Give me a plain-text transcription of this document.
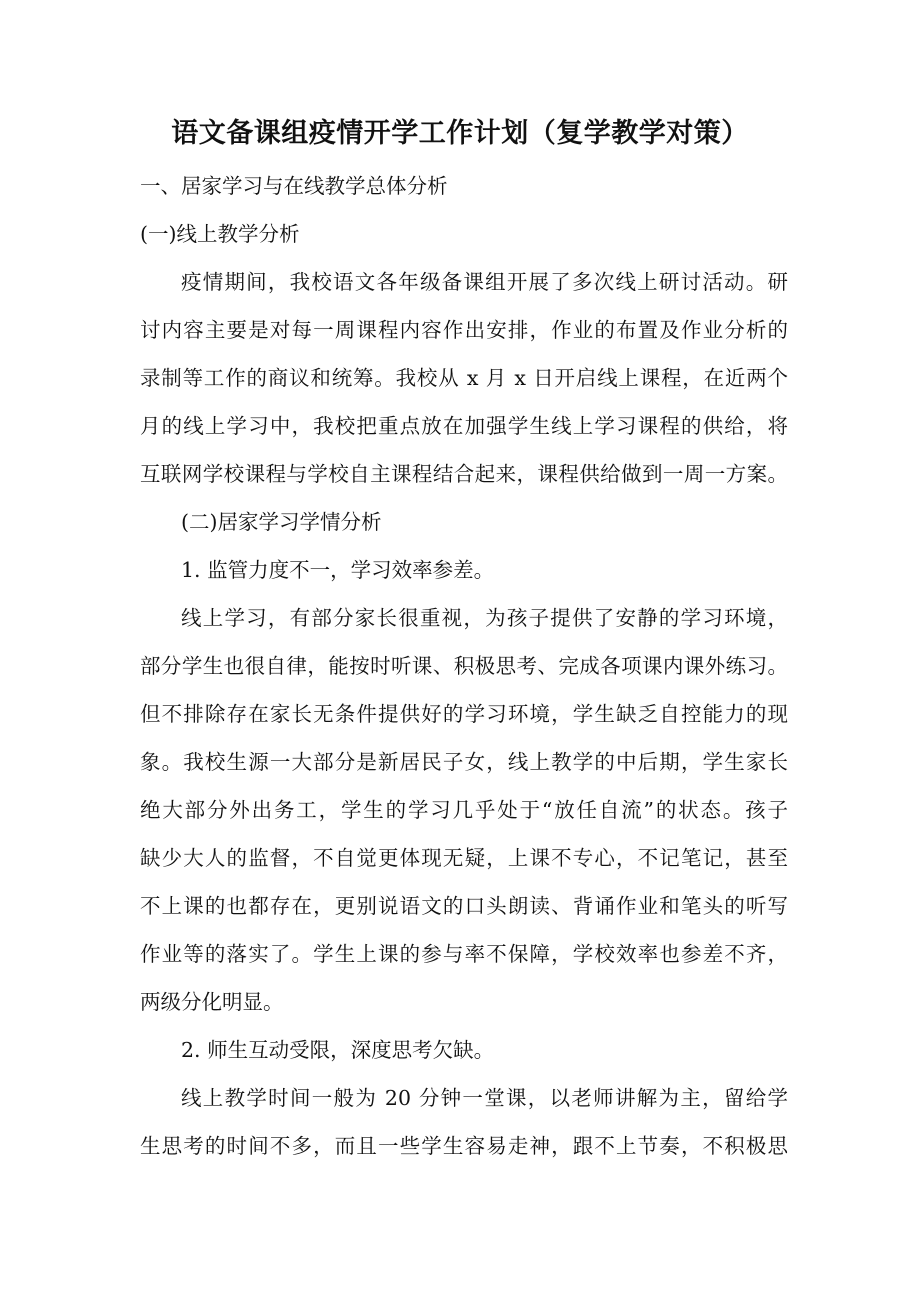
语文备课组疫情开学工作计划（复学教学对策）
一、居家学习与在线教学总体分析
(一)线上教学分析
疫情期间，我校语文各年级备课组开展了多次线上研讨活动。研
讨内容主要是对每一周课程内容作出安排，作业的布置及作业分析的
录制等工作的商议和统筹。我校从 x 月 x 日开启线上课程，在近两个
月的线上学习中，我校把重点放在加强学生线上学习课程的供给，将
互联网学校课程与学校自主课程结合起来，课程供给做到一周一方案。
(二)居家学习学情分析
1. 监管力度不一，学习效率参差。
线上学习，有部分家长很重视，为孩子提供了安静的学习环境，
部分学生也很自律，能按时听课、积极思考、完成各项课内课外练习。
但不排除存在家长无条件提供好的学习环境，学生缺乏自控能力的现
象。我校生源一大部分是新居民子女，线上教学的中后期，学生家长
绝大部分外出务工，学生的学习几乎处于“放任自流”的状态。孩子
缺少大人的监督，不自觉更体现无疑，上课不专心，不记笔记，甚至
不上课的也都存在，更别说语文的口头朗读、背诵作业和笔头的听写
作业等的落实了。学生上课的参与率不保障，学校效率也参差不齐，
两级分化明显。
2. 师生互动受限，深度思考欠缺。
线上教学时间一般为 20 分钟一堂课，以老师讲解为主，留给学
生思考的时间不多，而且一些学生容易走神，跟不上节奏，不积极思
